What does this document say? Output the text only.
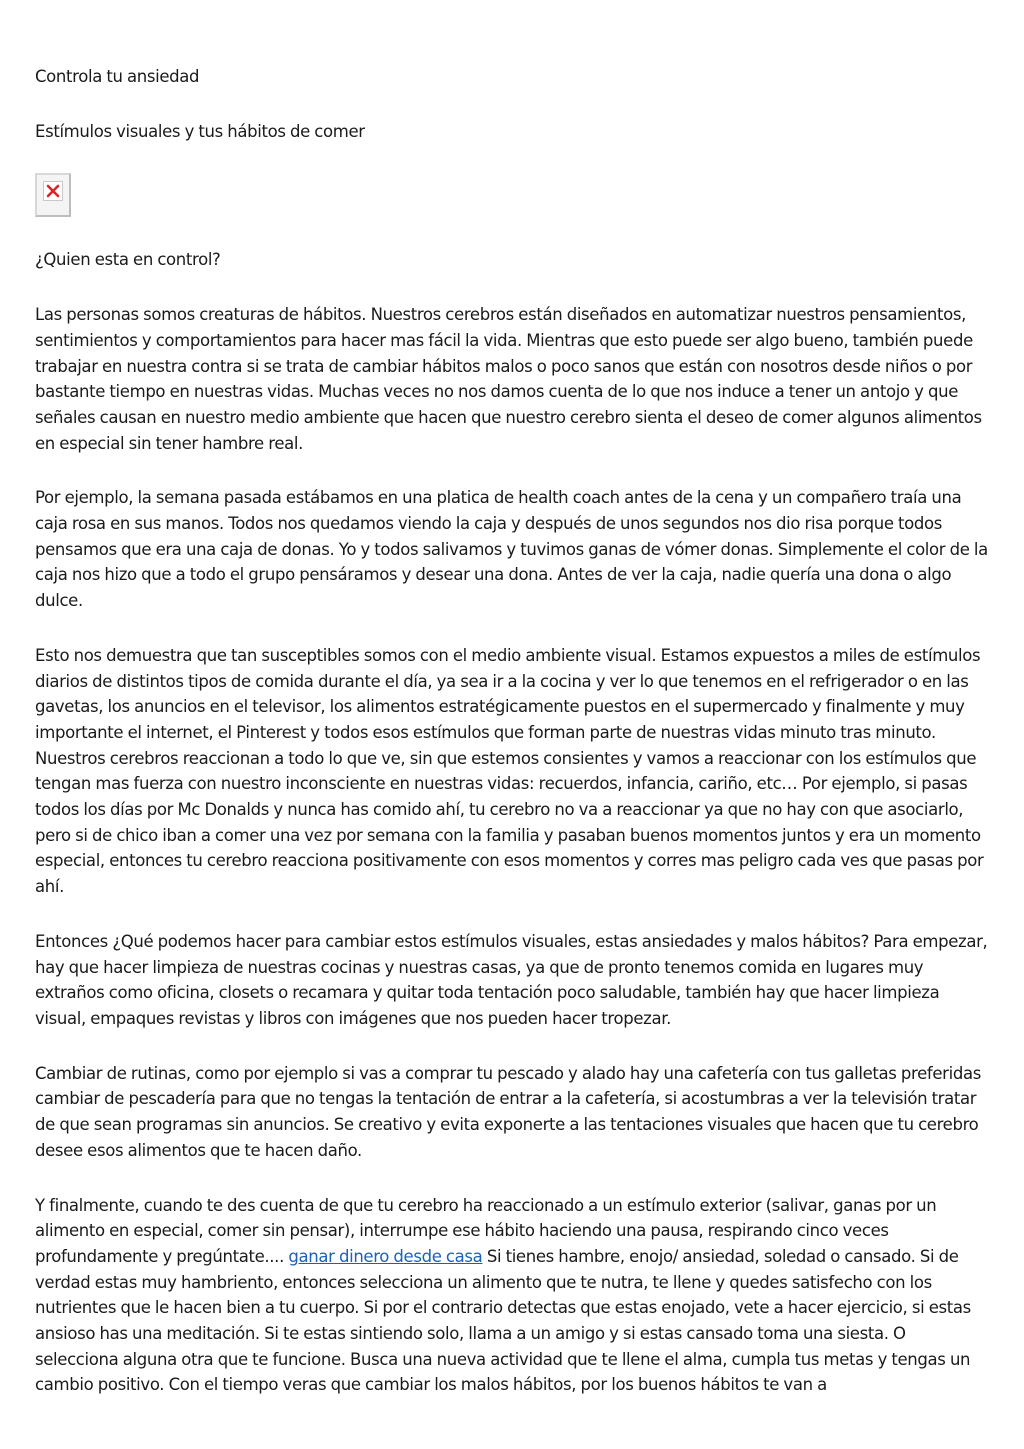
Controla tu ansiedad

Estímulos visuales y tus hábitos de comer

¿Quien esta en control?

Las personas somos creaturas de hábitos. Nuestros cerebros están diseñados en automatizar nuestros pensamientos, sentimientos y comportamientos para hacer mas fácil la vida. Mientras que esto puede ser algo bueno, también puede trabajar en nuestra contra si se trata de cambiar hábitos malos o poco sanos que están con nosotros desde niños o por bastante tiempo en nuestras vidas. Muchas veces no nos damos cuenta de lo que nos induce a tener un antojo y que señales causan en nuestro medio ambiente que hacen que nuestro cerebro sienta el deseo de comer algunos alimentos en especial sin tener hambre real.

Por ejemplo, la semana pasada estábamos en una platica de health coach antes de la cena y un compañero traía una caja rosa en sus manos. Todos nos quedamos viendo la caja y después de unos segundos nos dio risa porque todos pensamos que era una caja de donas. Yo y todos salivamos y tuvimos ganas de vómer donas. Simplemente el color de la caja nos hizo que a todo el grupo pensáramos y desear una dona. Antes de ver la caja, nadie quería una dona o algo dulce.

Esto nos demuestra que tan susceptibles somos con el medio ambiente visual. Estamos expuestos a miles de estímulos diarios de distintos tipos de comida durante el día, ya sea ir a la cocina y ver lo que tenemos en el refrigerador o en las gavetas, los anuncios en el televisor, los alimentos estratégicamente puestos en el supermercado y finalmente y muy importante el internet, el Pinterest y todos esos estímulos que forman parte de nuestras vidas minuto tras minuto. Nuestros cerebros reaccionan a todo lo que ve, sin que estemos consientes y vamos a reaccionar con los estímulos que tengan mas fuerza con nuestro inconsciente en nuestras vidas: recuerdos, infancia, cariño, etc… Por ejemplo, si pasas todos los días por Mc Donalds y nunca has comido ahí, tu cerebro no va a reaccionar ya que no hay con que asociarlo, pero si de chico iban a comer una vez por semana con la familia y pasaban buenos momentos juntos y era un momento especial, entonces tu cerebro reacciona positivamente con esos momentos y corres mas peligro cada ves que pasas por ahí.

Entonces ¿Qué podemos hacer para cambiar estos estímulos visuales, estas ansiedades y malos hábitos? Para empezar, hay que hacer limpieza de nuestras cocinas y nuestras casas, ya que de pronto tenemos comida en lugares muy extraños como oficina, closets o recamara y quitar toda tentación poco saludable, también hay que hacer limpieza visual, empaques revistas y libros con imágenes que nos pueden hacer tropezar.

Cambiar de rutinas, como por ejemplo si vas a comprar tu pescado y alado hay una cafetería con tus galletas preferidas cambiar de pescadería para que no tengas la tentación de entrar a la cafetería, si acostumbras a ver la televisión tratar de que sean programas sin anuncios. Se creativo y evita exponerte a las tentaciones visuales que hacen que tu cerebro desee esos alimentos que te hacen daño.

Y finalmente, cuando te des cuenta de que tu cerebro ha reaccionado a un estímulo exterior (salivar, ganas por un alimento en especial, comer sin pensar), interrumpe ese hábito haciendo una pausa, respirando cinco veces profundamente y pregúntate.... ganar dinero desde casa Si tienes hambre, enojo/ ansiedad, soledad o cansado. Si de verdad estas muy hambriento, entonces selecciona un alimento que te nutra, te llene y quedes satisfecho con los nutrientes que le hacen bien a tu cuerpo. Si por el contrario detectas que estas enojado, vete a hacer ejercicio, si estas ansioso has una meditación. Si te estas sintiendo solo, llama a un amigo y si estas cansado toma una siesta. O selecciona alguna otra que te funcione. Busca una nueva actividad que te llene el alma, cumpla tus metas y tengas un cambio positivo. Con el tiempo veras que cambiar los malos hábitos, por los buenos hábitos te van a
